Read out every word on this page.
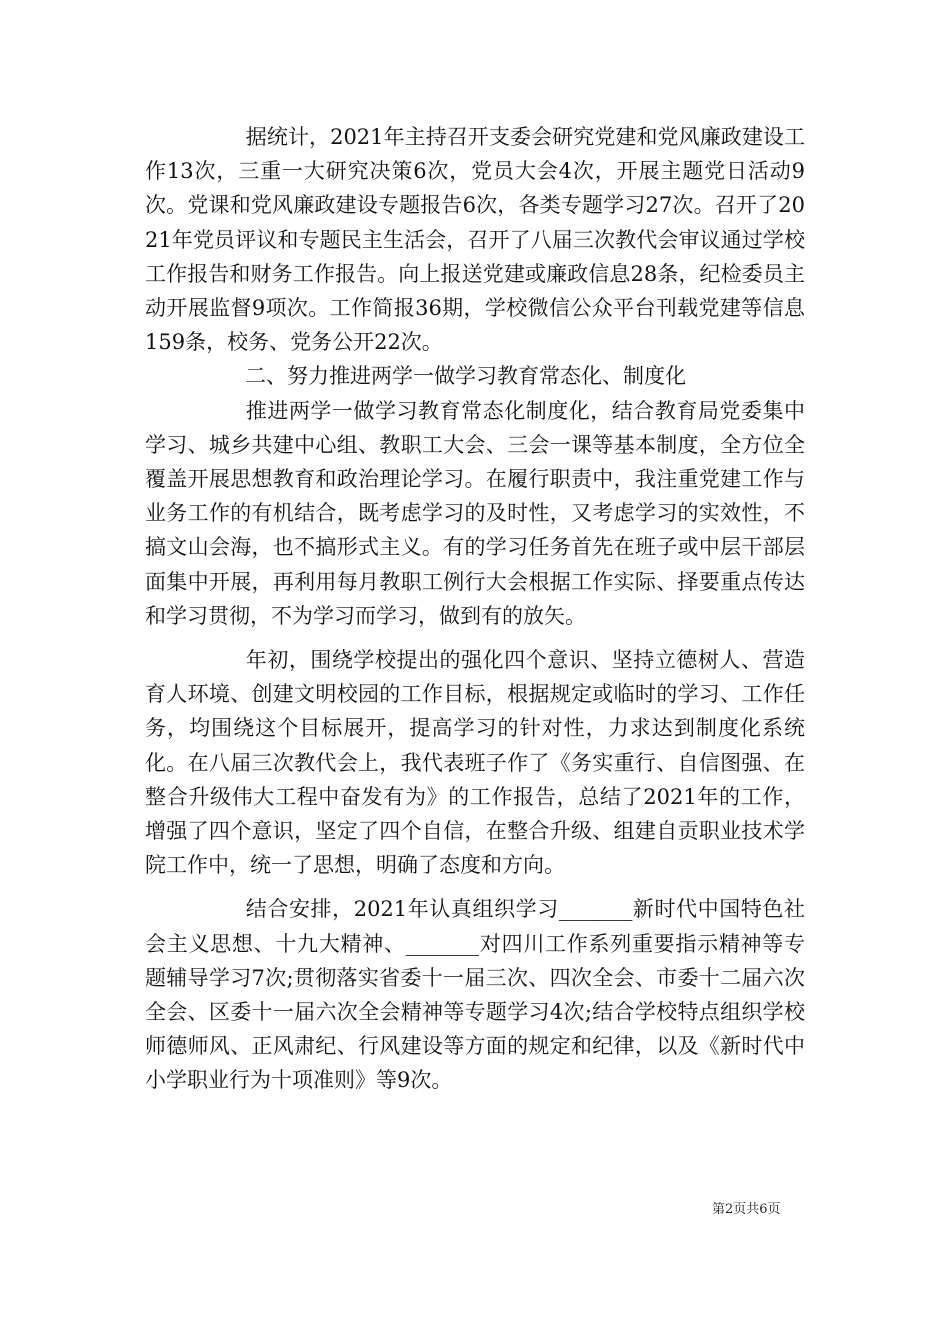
据统计，2021年主持召开支委会研究党建和党风廉政建设工作13次，三重一大研究决策6次，党员大会4次，开展主题党日活动9次。党课和党风廉政建设专题报告6次，各类专题学习27次。召开了2021年党员评议和专题民主生活会，召开了八届三次教代会审议通过学校工作报告和财务工作报告。向上报送党建或廉政信息28条，纪检委员主动开展监督9项次。工作简报36期，学校微信公众平台刊载党建等信息159条，校务、党务公开22次。

二、努力推进两学一做学习教育常态化、制度化

推进两学一做学习教育常态化制度化，结合教育局党委集中学习、城乡共建中心组、教职工大会、三会一课等基本制度，全方位全覆盖开展思想教育和政治理论学习。在履行职责中，我注重党建工作与业务工作的有机结合，既考虑学习的及时性，又考虑学习的实效性，不搞文山会海，也不搞形式主义。有的学习任务首先在班子或中层干部层面集中开展，再利用每月教职工例行大会根据工作实际、择要重点传达和学习贯彻，不为学习而学习，做到有的放矢。

年初，围绕学校提出的强化四个意识、坚持立德树人、营造育人环境、创建文明校园的工作目标，根据规定或临时的学习、工作任务，均围绕这个目标展开，提高学习的针对性，力求达到制度化系统化。在八届三次教代会上，我代表班子作了《务实重行、自信图强、在整合升级伟大工程中奋发有为》的工作报告，总结了2021年的工作，增强了四个意识，坚定了四个自信，在整合升级、组建自贡职业技术学院工作中，统一了思想，明确了态度和方向。

结合安排，2021年认真组织学习_______新时代中国特色社会主义思想、十九大精神、_______对四川工作系列重要指示精神等专题辅导学习7次;贯彻落实省委十一届三次、四次全会、市委十二届六次全会、区委十一届六次全会精神等专题学习4次;结合学校特点组织学校师德师风、正风肃纪、行风建设等方面的规定和纪律，以及《新时代中小学职业行为十项准则》等9次。

第2页共6页
